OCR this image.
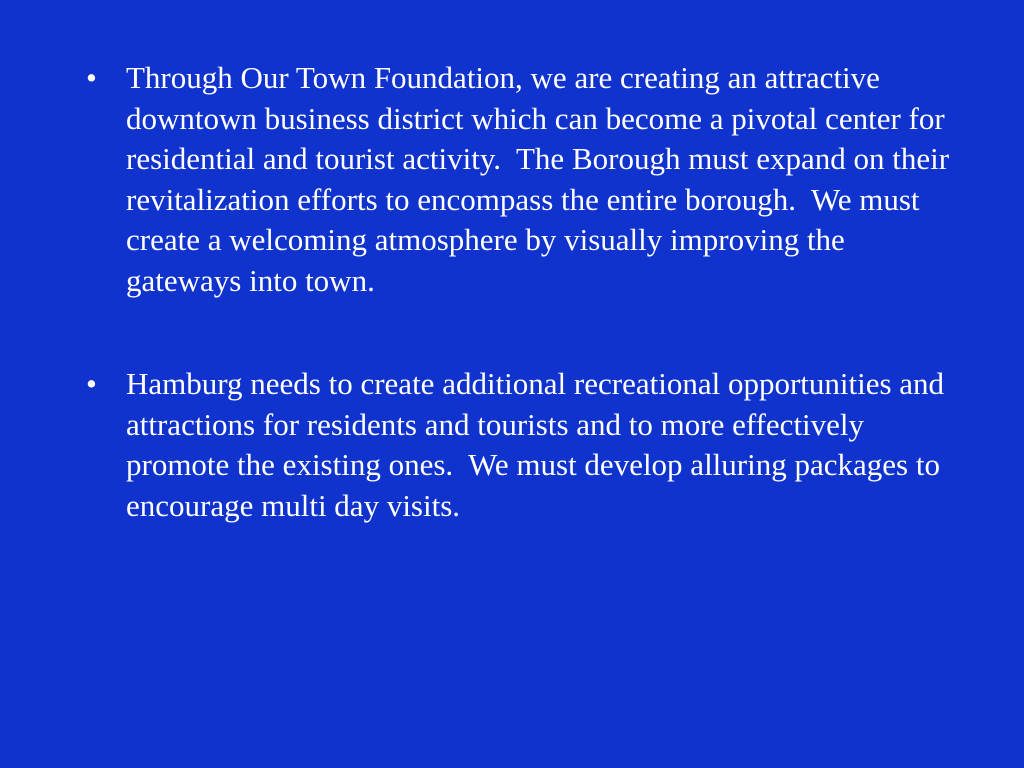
• Through Our Town Foundation, we are creating an attractive downtown business district which can become a pivotal center for residential and tourist activity.  The Borough must expand on their revitalization efforts to encompass the entire borough.  We must create a welcoming atmosphere by visually improving the  gateways into town.
• Hamburg needs to create additional recreational opportunities and attractions for residents and tourists and to more effectively promote the existing ones.  We must develop alluring packages to encourage multi day visits.
